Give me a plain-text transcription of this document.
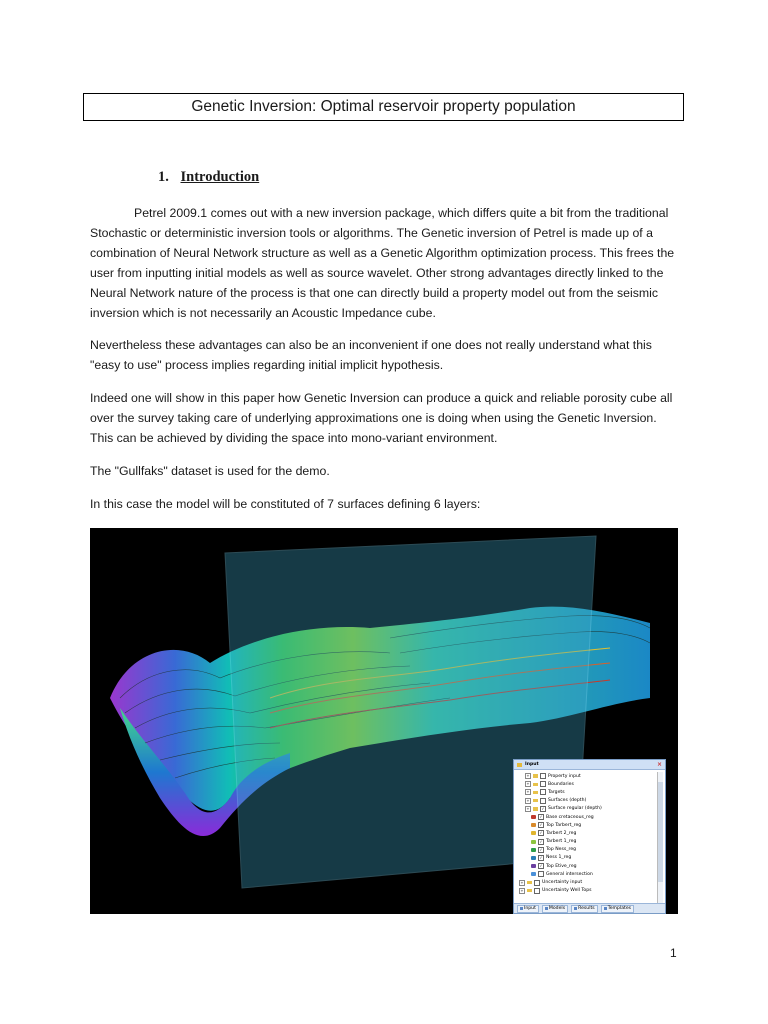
Genetic Inversion: Optimal reservoir property population
1. Introduction

Petrel 2009.1 comes out with a new inversion package, which differs quite a bit from the traditional Stochastic or deterministic inversion tools or algorithms. The Genetic inversion of Petrel is made up of a combination of Neural Network structure as well as a Genetic Algorithm optimization process. This frees the user from inputting initial models as well as source wavelet. Other strong advantages directly linked to the Neural Network nature of the process is that one can directly build a property model out from the seismic inversion which is not necessarily an Acoustic Impedance cube.

Nevertheless these advantages can also be an inconvenient if one does not really understand what this "easy to use" process implies regarding initial implicit hypothesis.

Indeed one will show in this paper how Genetic Inversion can produce a quick and reliable porosity cube all over the survey taking care of underlying approximations one is doing when using the Genetic Inversion. This can be achieved by dividing the space into mono-variant environment.

The "Gullfaks" dataset is used for the demo.

In this case the model will be constituted of 7 surfaces defining 6 layers:

Input	×
+	Property input
+	Boundaries
+	Targets
+	Surfaces (depth)
+	✓ Surface regular (depth)
✓ Base cretaceous_reg
✓ Top Tarbert_reg
✓ Tarbert 2_reg
✓ Tarbert 1_reg
✓ Top Ness_reg
✓ Ness 1_reg
✓ Top Etive_reg
General intersection
+	Uncertainty input
+	Uncertainty Well Tops
Input	Models	Results	Templates
1
